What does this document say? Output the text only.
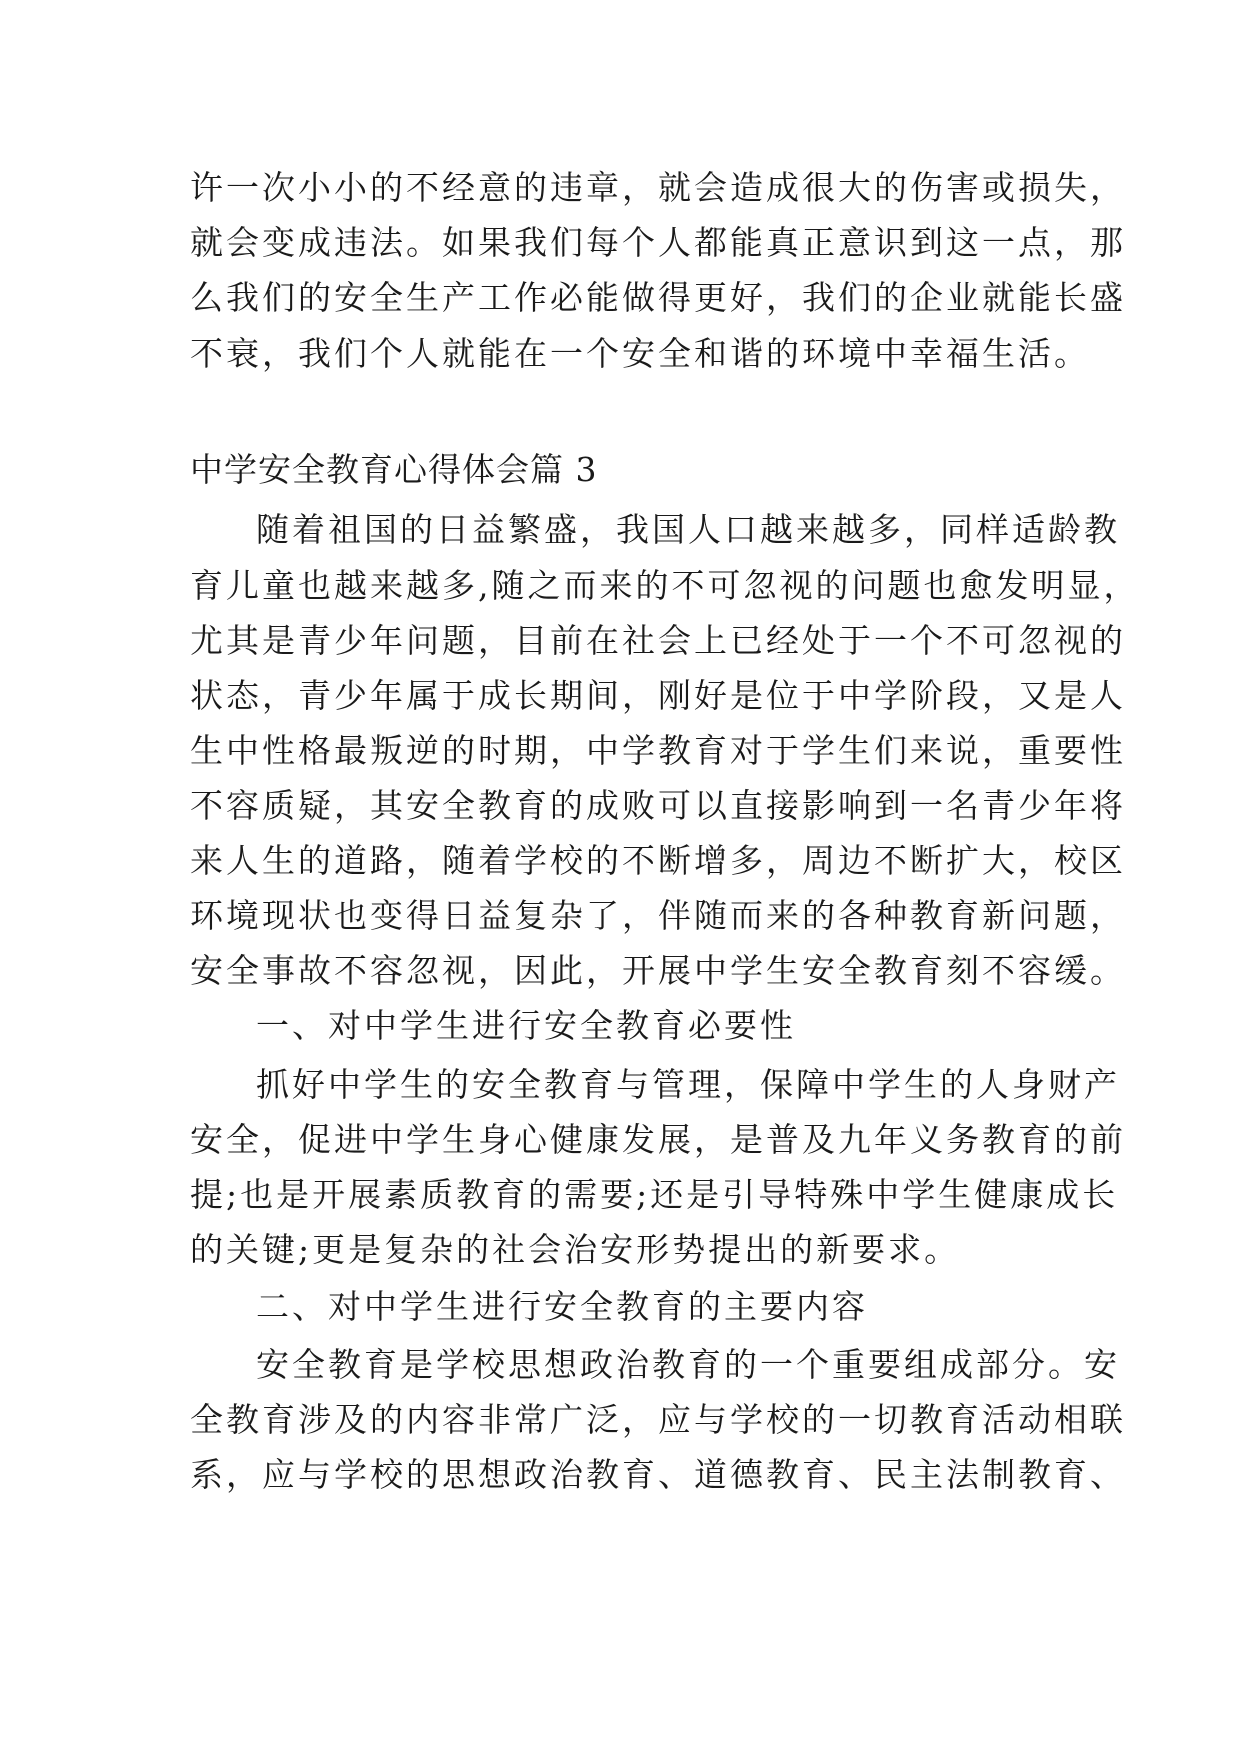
许一次小小的不经意的违章，就会造成很大的伤害或损失，
就会变成违法。如果我们每个人都能真正意识到这一点，那
么我们的安全生产工作必能做得更好，我们的企业就能长盛
不衰，我们个人就能在一个安全和谐的环境中幸福生活。
中学安全教育心得体会篇 3
随着祖国的日益繁盛，我国人口越来越多，同样适龄教
育儿童也越来越多,随之而来的不可忽视的问题也愈发明显，
尤其是青少年问题，目前在社会上已经处于一个不可忽视的
状态，青少年属于成长期间，刚好是位于中学阶段，又是人
生中性格最叛逆的时期，中学教育对于学生们来说，重要性
不容质疑，其安全教育的成败可以直接影响到一名青少年将
来人生的道路，随着学校的不断增多，周边不断扩大，校区
环境现状也变得日益复杂了，伴随而来的各种教育新问题，
安全事故不容忽视，因此，开展中学生安全教育刻不容缓。
一、对中学生进行安全教育必要性
抓好中学生的安全教育与管理，保障中学生的人身财产
安全，促进中学生身心健康发展，是普及九年义务教育的前
提;也是开展素质教育的需要;还是引导特殊中学生健康成长
的关键;更是复杂的社会治安形势提出的新要求。
二、对中学生进行安全教育的主要内容
安全教育是学校思想政治教育的一个重要组成部分。安
全教育涉及的内容非常广泛，应与学校的一切教育活动相联
系，应与学校的思想政治教育、道德教育、民主法制教育、
